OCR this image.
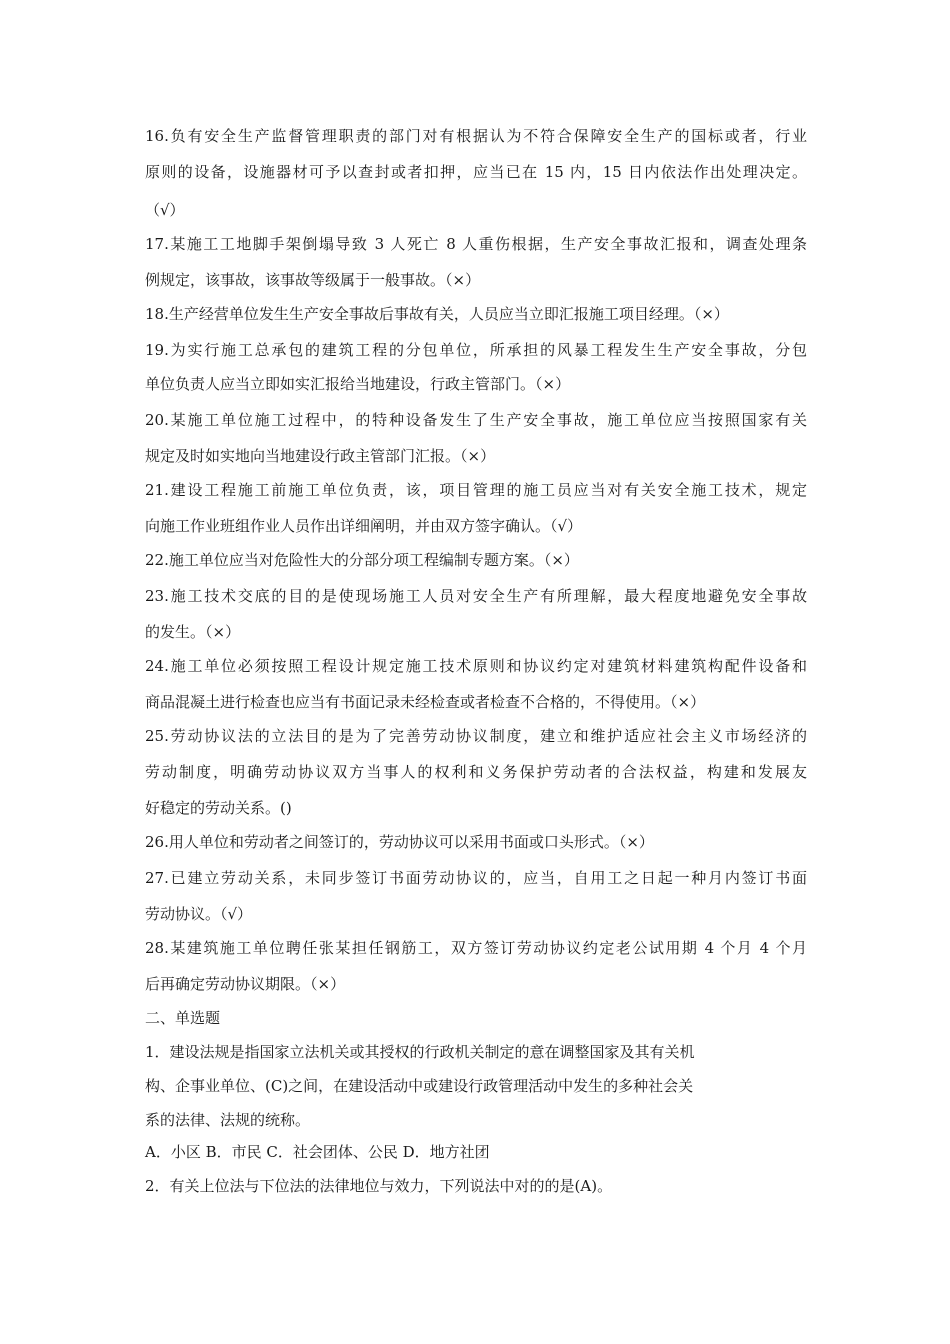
16.负有安全生产监督管理职责的部门对有根据认为不符合保障安全生产的国标或者，行业
原则的设备，设施器材可予以查封或者扣押，应当已在 15 内，15 日内依法作出处理决定。
（√）
17.某施工工地脚手架倒塌导致 3 人死亡 8 人重伤根据，生产安全事故汇报和，调查处理条
例规定，该事故，该事故等级属于一般事故。（×）
18.生产经营单位发生生产安全事故后事故有关，人员应当立即汇报施工项目经理。（×）
19.为实行施工总承包的建筑工程的分包单位，所承担的风暴工程发生生产安全事故，分包
单位负责人应当立即如实汇报给当地建设，行政主管部门。（×）
20.某施工单位施工过程中，的特种设备发生了生产安全事故，施工单位应当按照国家有关
规定及时如实地向当地建设行政主管部门汇报。（×）
21.建设工程施工前施工单位负责，该，项目管理的施工员应当对有关安全施工技术，规定
向施工作业班组作业人员作出详细阐明，并由双方签字确认。（√）
22.施工单位应当对危险性大的分部分项工程编制专题方案。（×）
23.施工技术交底的目的是使现场施工人员对安全生产有所理解，最大程度地避免安全事故
的发生。（×）
24.施工单位必须按照工程设计规定施工技术原则和协议约定对建筑材料建筑构配件设备和
商品混凝土进行检查也应当有书面记录未经检查或者检查不合格的，不得使用。（×）
25.劳动协议法的立法目的是为了完善劳动协议制度，建立和维护适应社会主义市场经济的
劳动制度，明确劳动协议双方当事人的权利和义务保护劳动者的合法权益，构建和发展友
好稳定的劳动关系。()
26.用人单位和劳动者之间签订的，劳动协议可以采用书面或口头形式。（×）
27.已建立劳动关系，未同步签订书面劳动协议的，应当，自用工之日起一种月内签订书面
劳动协议。（√）
28.某建筑施工单位聘任张某担任钢筋工，双方签订劳动协议约定老公试用期 4 个月 4 个月
后再确定劳动协议期限。（×）
二、单选题
1．建设法规是指国家立法机关或其授权的行政机关制定的意在调整国家及其有关机
构、企事业单位、(C)之间，在建设活动中或建设行政管理活动中发生的多种社会关
系的法律、法规的统称。
A．小区 B．市民 C．社会团体、公民 D．地方社团
2．有关上位法与下位法的法律地位与效力，下列说法中对的的是(A)。
